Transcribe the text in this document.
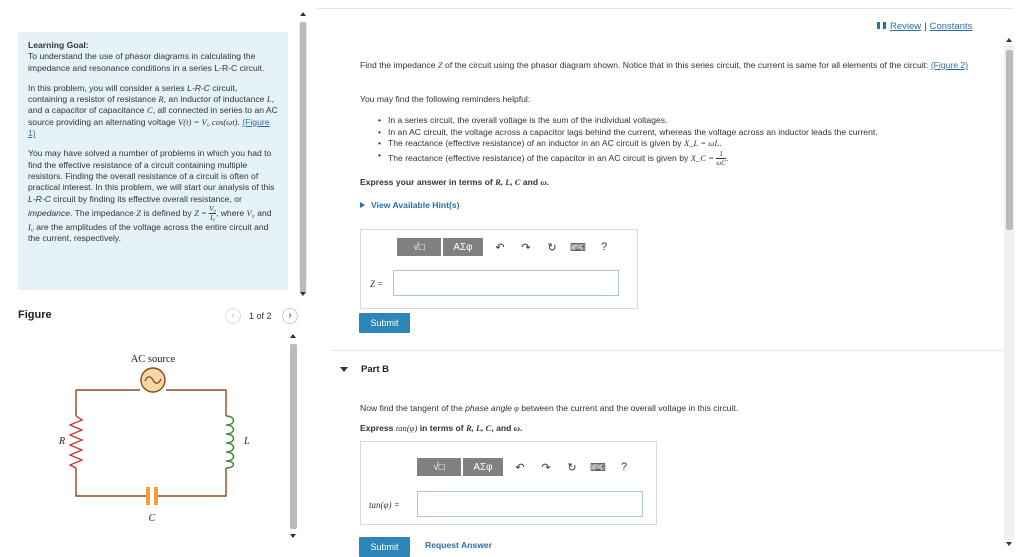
Learning Goal:
To understand the use of phasor diagrams in calculating the impedance and resonance conditions in a series L-R-C circuit.

In this problem, you will consider a series L-R-C circuit, containing a resistor of resistance R, an inductor of inductance L, and a capacitor of capacitance C, all connected in series to an AC source providing an alternating voltage V(t) = V₀ cos(ωt). (Figure 1)

You may have solved a number of problems in which you had to find the effective resistance of a circuit containing multiple resistors. Finding the overall resistance of a circuit is often of practical interest. In this problem, we will start our analysis of this L-R-C circuit by finding its effective overall resistance, or impedance. The impedance Z is defined by $Z = \frac{\text{V₀}}{\text{I₀}}$ , where V₀ and I₀ are the amplitudes of the voltage across the entire circuit and the current, respectively.

Figure	‹	1 of 2	›
AC source
R	L
C
Review | Constants
Find the impedance Z of the circuit using the phasor diagram shown. Notice that in this series circuit, the current is same for all elements of the circuit: (Figure 2)
You may find the following reminders helpful:
• In a series circuit, the overall voltage is the sum of the individual voltages.
• In an AC circuit, the voltage across a capacitor lags behind the current, whereas the voltage across an inductor leads the current.
• The reactance (effective resistance) of an inductor in an AC circuit is given by X_L = ωL.
• The reactance (effective resistance) of the capacitor in an AC circuit is given by X_C = $\frac{1}{\omega C}$ .
Express your answer in terms of R, L, C and ω.
View Available Hint(s)
√□	ΑΣφ	↶	↷	↻	⌨	?
Z =
Submit
Part B
Now find the tangent of the phase angle φ between the current and the overall voltage in this circuit.
Express tan(φ) in terms of R, L, C, and ω.
√□	ΑΣφ	↶	↷	↻	⌨	?
tan(φ) =
Submit	Request Answer
